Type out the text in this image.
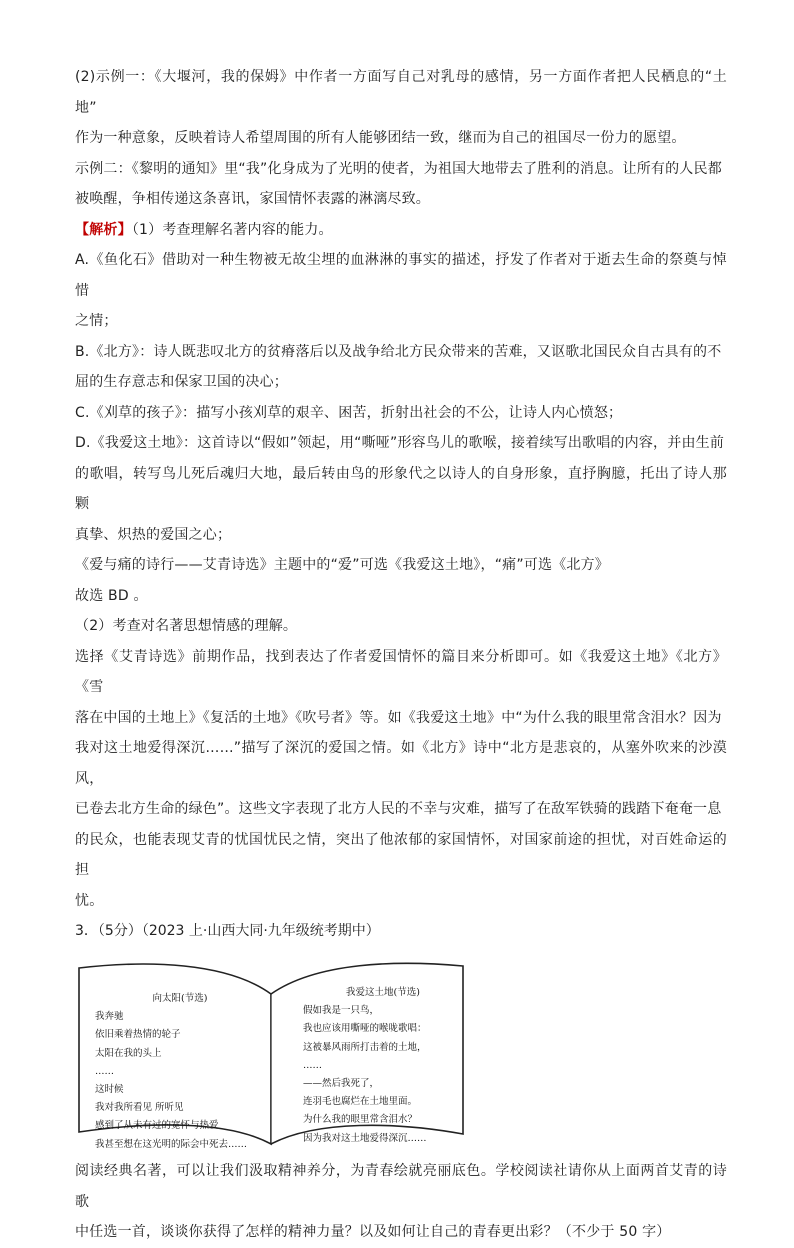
(2)示例一：《大堰河，我的保姆》中作者一方面写自己对乳母的感情，另一方面作者把人民栖息的“土地”

作为一种意象，反映着诗人希望周围的所有人能够团结一致，继而为自己的祖国尽一份力的愿望。

示例二：《黎明的通知》里“我”化身成为了光明的使者，为祖国大地带去了胜利的消息。让所有的人民都

被唤醒，争相传递这条喜讯，家国情怀表露的淋漓尽致。

【解析】（1）考查理解名著内容的能力。

A.《鱼化石》借助对一种生物被无故尘埋的血淋淋的事实的描述，抒发了作者对于逝去生命的祭奠与悼惜

之情；

B.《北方》：诗人既悲叹北方的贫瘠落后以及战争给北方民众带来的苦难，又讴歌北国民众自古具有的不

屈的生存意志和保家卫国的决心；

C.《刈草的孩子》：描写小孩刈草的艰辛、困苦，折射出社会的不公，让诗人内心愤怒；

D.《我爱这土地》：这首诗以“假如”领起，用“嘶哑”形容鸟儿的歌喉，接着续写出歌唱的内容，并由生前

的歌唱，转写鸟儿死后魂归大地，最后转由鸟的形象代之以诗人的自身形象，直抒胸臆，托出了诗人那颗

真挚、炽热的爱国之心；

《爱与痛的诗行——艾青诗选》主题中的“爱”可选《我爱这土地》，“痛”可选《北方》

故选 BD 。

（2）考查对名著思想情感的理解。

选择《艾青诗选》前期作品，找到表达了作者爱国情怀的篇目来分析即可。如《我爱这土地》《北方》《雪

落在中国的土地上》《复活的土地》《吹号者》等。如《我爱这土地》中“为什么我的眼里常含泪水？因为

我对这土地爱得深沉……”描写了深沉的爱国之情。如《北方》诗中“北方是悲哀的，从塞外吹来的沙漠风，

已卷去北方生命的绿色”。这些文字表现了北方人民的不幸与灾难，描写了在敌军铁骑的践踏下奄奄一息

的民众，也能表现艾青的忧国忧民之情，突出了他浓郁的家国情怀，对国家前途的担忧，对百姓命运的担

忧。

3．（5分）（2023 上·山西大同·九年级统考期中）

向太阳(节选)
我奔驰
依旧乘着热情的轮子
太阳在我的头上
……
这时候
我对我所看见 所听见
感到了从未有过的宽怀与热爱
我甚至想在这光明的际会中死去……
我爱这土地(节选)
假如我是一只鸟，
我也应该用嘶哑的喉咙歌唱：
这被暴风雨所打击着的土地，
……
——然后我死了，
连羽毛也腐烂在土地里面。
为什么我的眼里常含泪水？
因为我对这土地爱得深沉……

阅读经典名著，可以让我们汲取精神养分，为青春绘就亮丽底色。学校阅读社请你从上面两首艾青的诗歌

中任选一首，谈谈你获得了怎样的精神力量？以及如何让自己的青春更出彩？（不少于 50 字）
